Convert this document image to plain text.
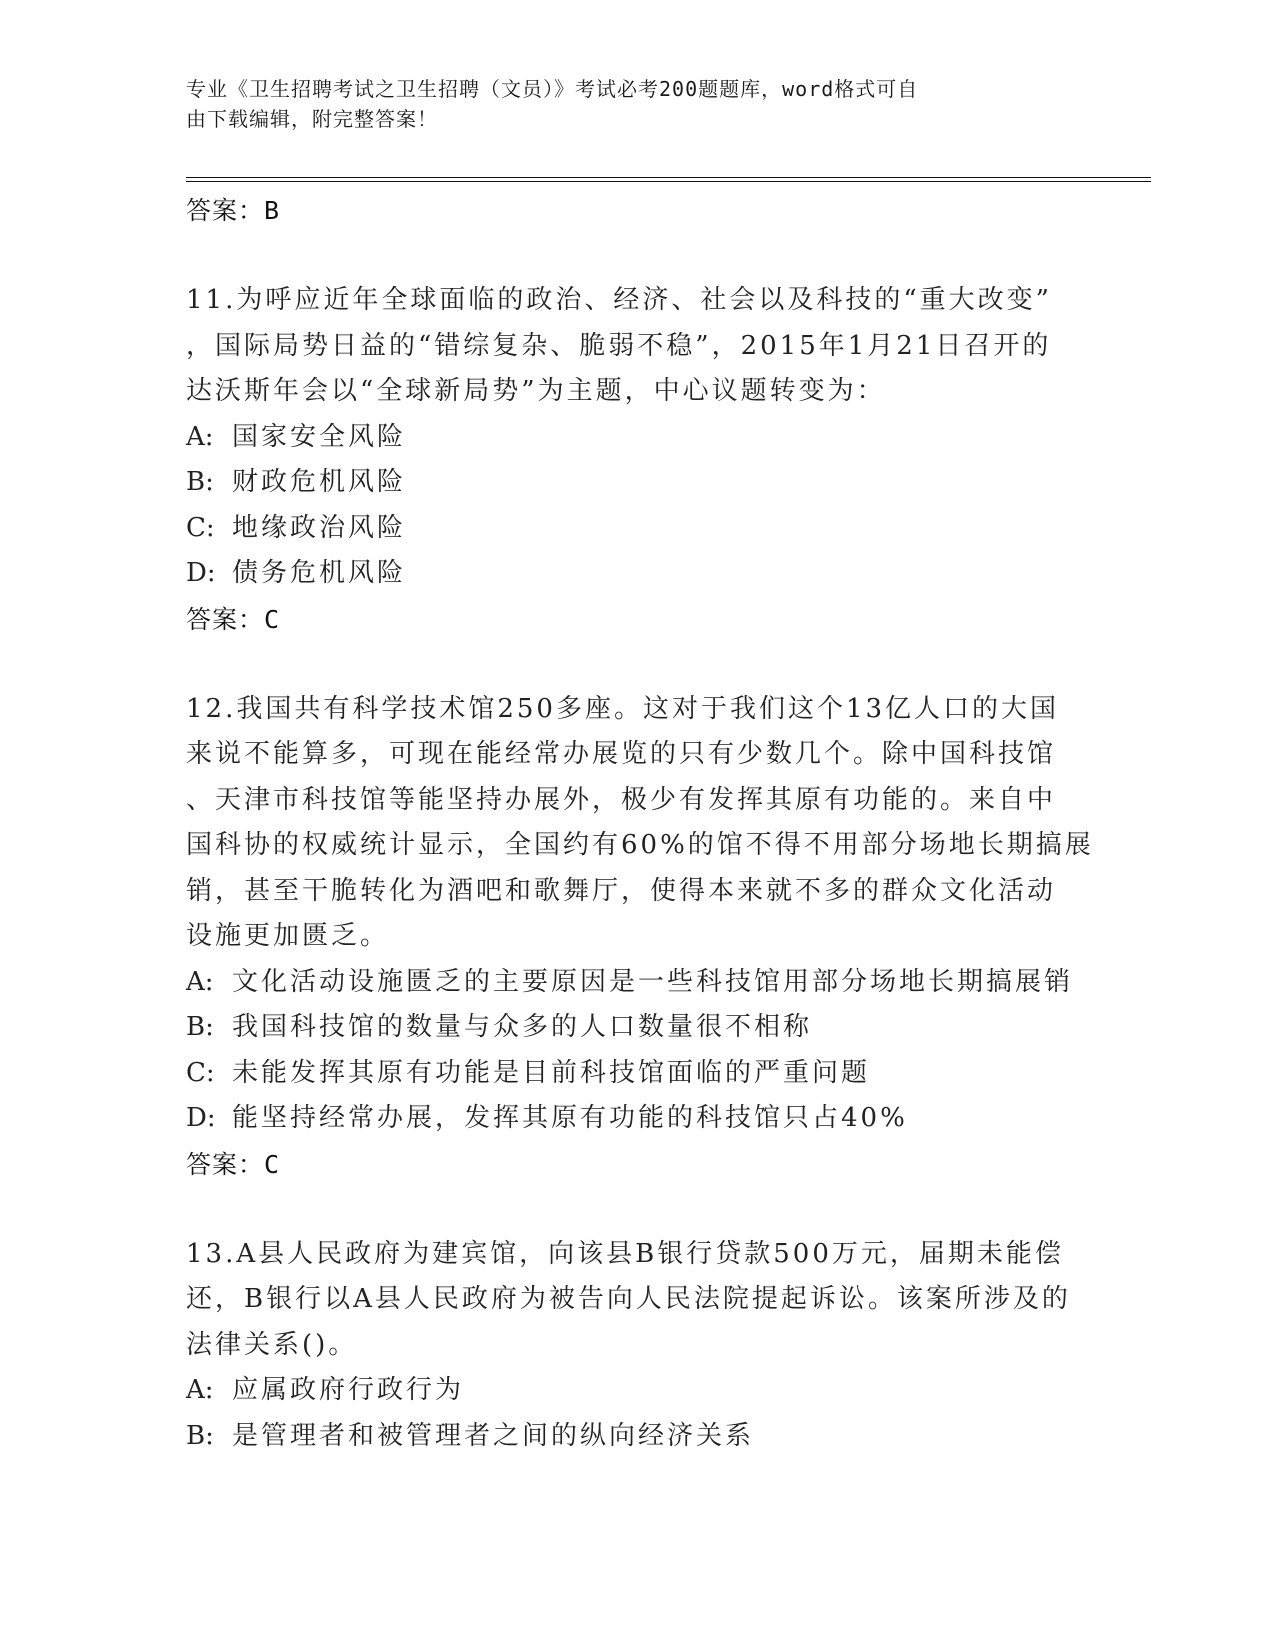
专业《卫生招聘考试之卫生招聘（文员）》考试必考200题题库，word格式可自
由下载编辑，附完整答案！
答案：B
11.为呼应近年全球面临的政治、经济、社会以及科技的“重大改变”
，国际局势日益的“错综复杂、脆弱不稳”，2015年1月21日召开的
达沃斯年会以“全球新局势”为主题，中心议题转变为：
A: 国家安全风险
B: 财政危机风险
C: 地缘政治风险
D: 债务危机风险
答案：C
12.我国共有科学技术馆250多座。这对于我们这个13亿人口的大国
来说不能算多，可现在能经常办展览的只有少数几个。除中国科技馆
、天津市科技馆等能坚持办展外，极少有发挥其原有功能的。来自中
国科协的权威统计显示，全国约有60%的馆不得不用部分场地长期搞展
销，甚至干脆转化为酒吧和歌舞厅，使得本来就不多的群众文化活动
设施更加匮乏。
A: 文化活动设施匮乏的主要原因是一些科技馆用部分场地长期搞展销
B: 我国科技馆的数量与众多的人口数量很不相称
C: 未能发挥其原有功能是目前科技馆面临的严重问题
D: 能坚持经常办展，发挥其原有功能的科技馆只占40%
答案：C
13.A县人民政府为建宾馆，向该县B银行贷款500万元，届期未能偿
还，B银行以A县人民政府为被告向人民法院提起诉讼。该案所涉及的
法律关系()。
A: 应属政府行政行为
B: 是管理者和被管理者之间的纵向经济关系
